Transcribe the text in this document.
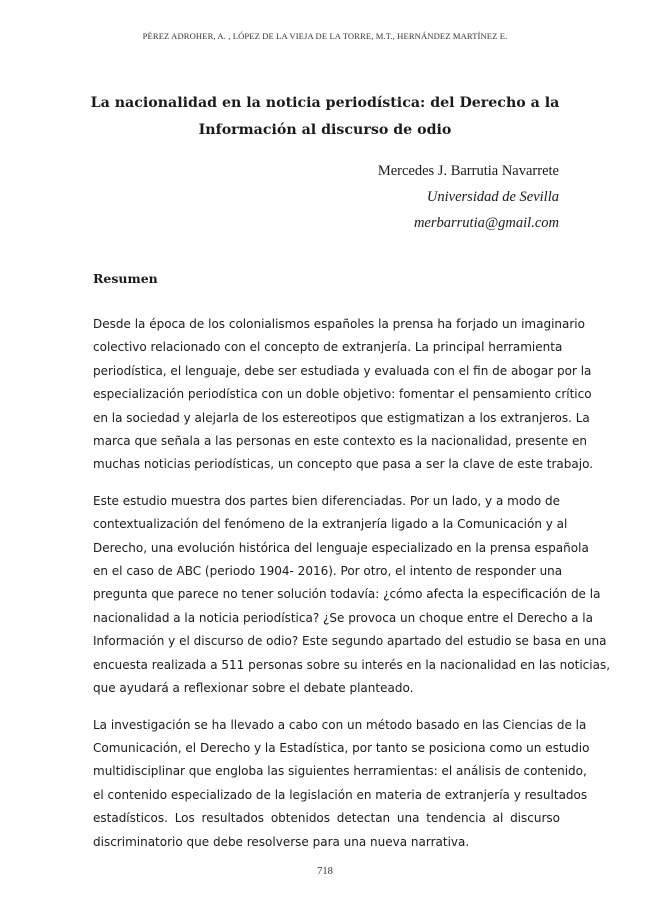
PÉREZ ADROHER, A. , LÓPEZ DE LA VIEJA DE LA TORRE, M.T., HERNÁNDEZ MARTÍNEZ E.
La nacionalidad en la noticia periodística: del Derecho a la
Información al discurso de odio
Mercedes J. Barrutia Navarrete
Universidad de Sevilla
merbarrutia@gmail.com
Resumen
Desde la época de los colonialismos españoles la prensa ha forjado un imaginario
colectivo relacionado con el concepto de extranjería. La principal herramienta
periodística, el lenguaje, debe ser estudiada y evaluada con el fin de abogar por la
especialización periodística con un doble objetivo: fomentar el pensamiento crítico
en la sociedad y alejarla de los estereotipos que estigmatizan a los extranjeros. La
marca que señala a las personas en este contexto es la nacionalidad, presente en
muchas noticias periodísticas, un concepto que pasa a ser la clave de este trabajo.
Este estudio muestra dos partes bien diferenciadas. Por un lado, y a modo de
contextualización del fenómeno de la extranjería ligado a la Comunicación y al
Derecho, una evolución histórica del lenguaje especializado en la prensa española
en el caso de ABC (periodo 1904- 2016). Por otro, el intento de responder una
pregunta que parece no tener solución todavía: ¿cómo afecta la especificación de la
nacionalidad a la noticia periodística? ¿Se provoca un choque entre el Derecho a la
Información y el discurso de odio? Este segundo apartado del estudio se basa en una
encuesta realizada a 511 personas sobre su interés en la nacionalidad en las noticias,
que ayudará a reflexionar sobre el debate planteado.
La investigación se ha llevado a cabo con un método basado en las Ciencias de la
Comunicación, el Derecho y la Estadística, por tanto se posiciona como un estudio
multidisciplinar que engloba las siguientes herramientas: el análisis de contenido,
el contenido especializado de la legislación en materia de extranjería y resultados
estadísticos. Los resultados obtenidos detectan una tendencia al discurso
discriminatorio que debe resolverse para una nueva narrativa.
718
